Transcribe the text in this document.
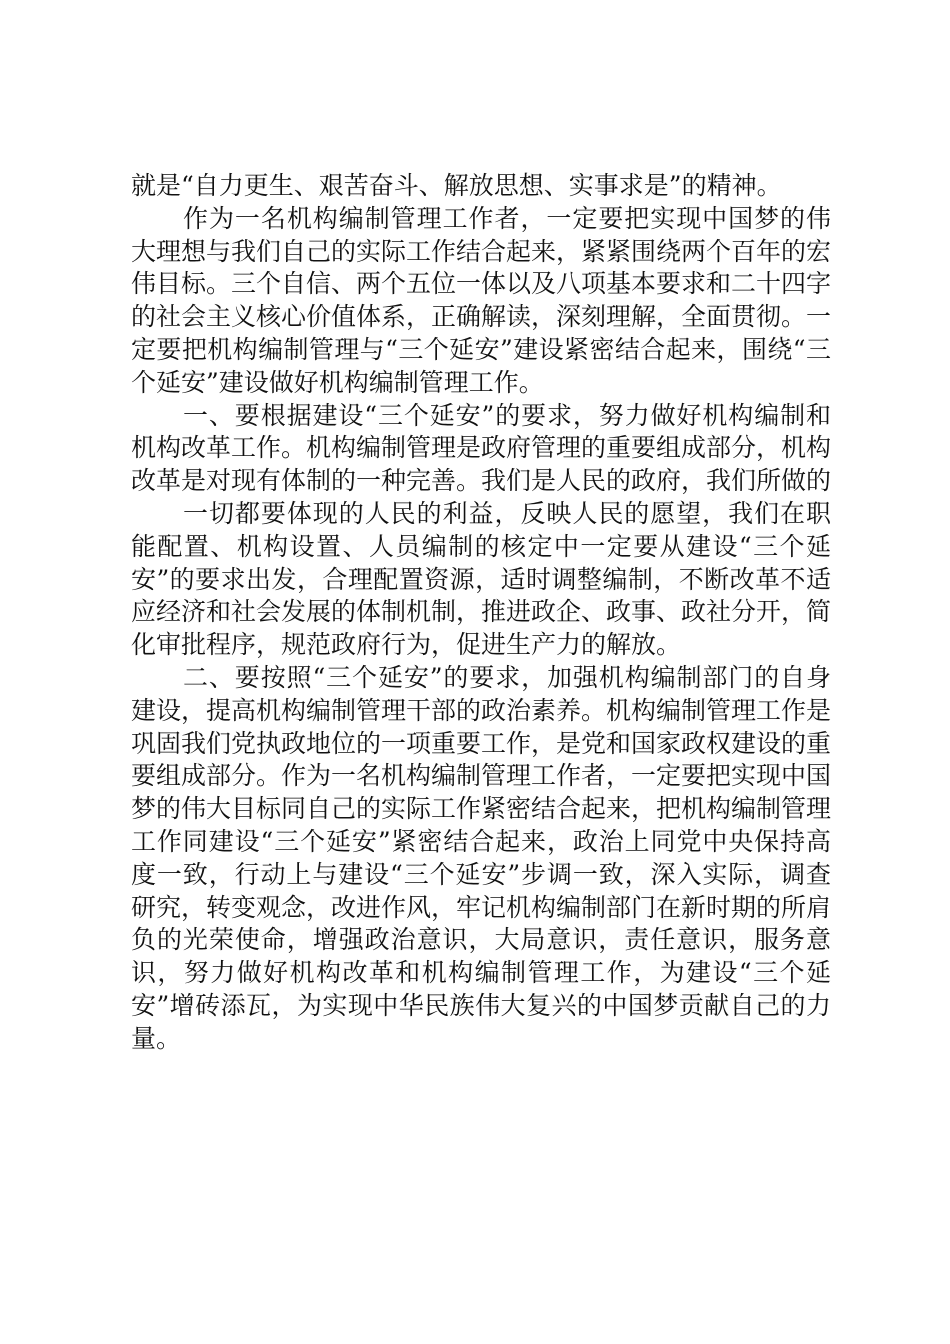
就是“自力更生、艰苦奋斗、解放思想、实事求是”的精神。

作为一名机构编制管理工作者，一定要把实现中国梦的伟大理想与我们自己的实际工作结合起来，紧紧围绕两个百年的宏伟目标。三个自信、两个五位一体以及八项基本要求和二十四字的社会主义核心价值体系，正确解读，深刻理解，全面贯彻。一定要把机构编制管理与“三个延安”建设紧密结合起来，围绕“三个延安”建设做好机构编制管理工作。

一、要根据建设“三个延安”的要求，努力做好机构编制和机构改革工作。机构编制管理是政府管理的重要组成部分，机构改革是对现有体制的一种完善。我们是人民的政府，我们所做的

一切都要体现的人民的利益，反映人民的愿望，我们在职能配置、机构设置、人员编制的核定中一定要从建设“三个延安”的要求出发，合理配置资源，适时调整编制，不断改革不适应经济和社会发展的体制机制，推进政企、政事、政社分开，简化审批程序，规范政府行为，促进生产力的解放。

二、要按照“三个延安”的要求，加强机构编制部门的自身建设，提高机构编制管理干部的政治素养。机构编制管理工作是巩固我们党执政地位的一项重要工作，是党和国家政权建设的重要组成部分。作为一名机构编制管理工作者，一定要把实现中国梦的伟大目标同自己的实际工作紧密结合起来，把机构编制管理工作同建设“三个延安”紧密结合起来，政治上同党中央保持高度一致，行动上与建设“三个延安”步调一致，深入实际，调查研究，转变观念，改进作风，牢记机构编制部门在新时期的所肩负的光荣使命，增强政治意识，大局意识，责任意识，服务意识，努力做好机构改革和机构编制管理工作，为建设“三个延安”增砖添瓦，为实现中华民族伟大复兴的中国梦贡献自己的力量。
